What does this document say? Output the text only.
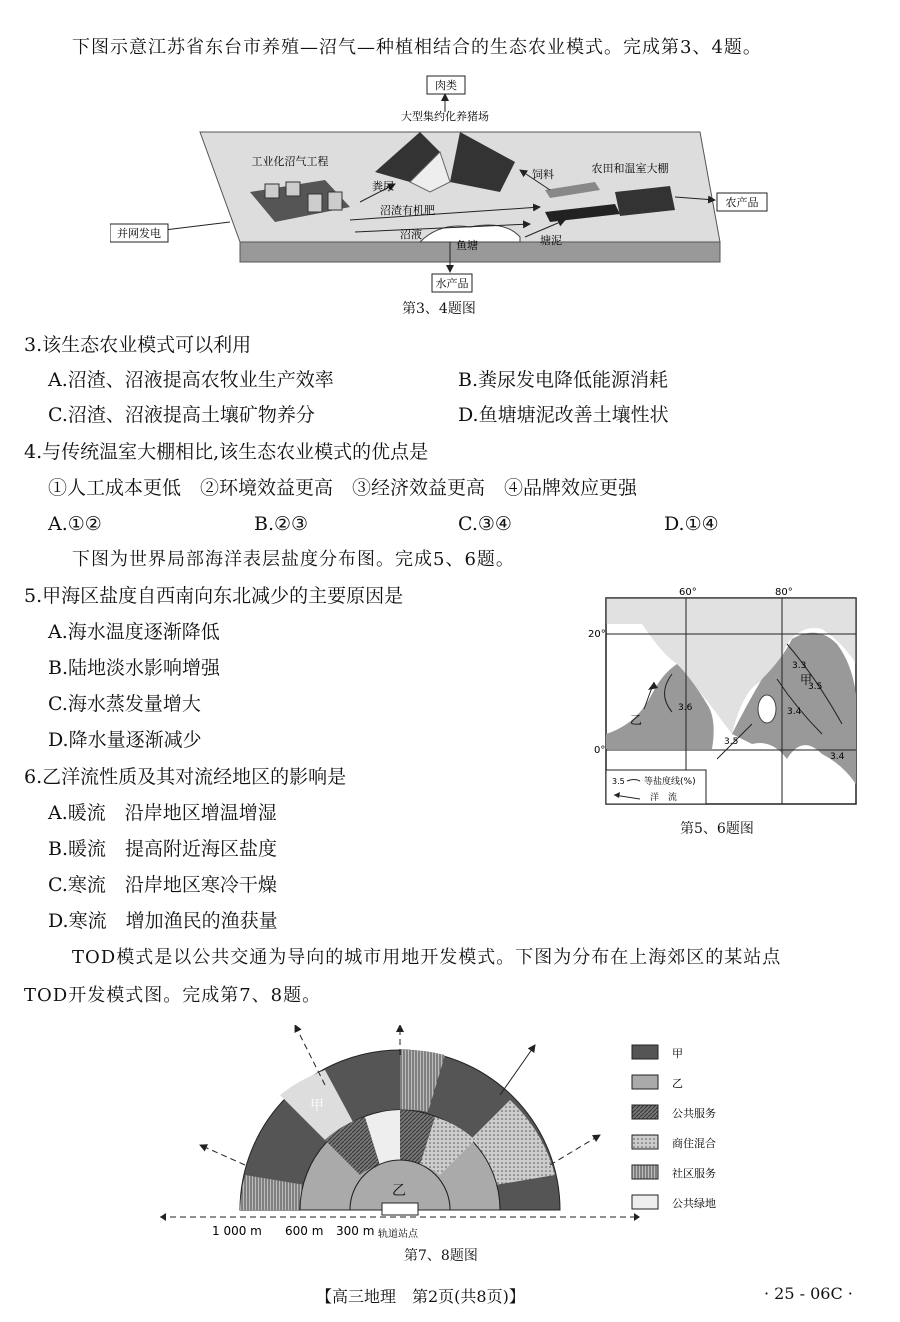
下图示意江苏省东台市养殖—沼气—种植相结合的生态农业模式。完成第3、4题。
肉类
并网发电
农产品
水产品
大型集约化养猪场
工业化沼气工程
农田和温室大棚
粪尿
饲料
沼渣有机肥
沼液
鱼塘	塘泥
第3、4题图
3.该生态农业模式可以利用
A.沼渣、沼液提高农牧业生产效率	B.粪尿发电降低能源消耗
C.沼渣、沼液提高土壤矿物养分	D.鱼塘塘泥改善土壤性状
4.与传统温室大棚相比,该生态农业模式的优点是
①人工成本更低　②环境效益更高　③经济效益更高　④品牌效应更强
A.①②	B.②③	C.③④	D.①④
下图为世界局部海洋表层盐度分布图。完成5、6题。
5.甲海区盐度自西南向东北减少的主要原因是
A.海水温度逐渐降低
B.陆地淡水影响增强
C.海水蒸发量增大
D.降水量逐渐减少
6.乙洋流性质及其对流经地区的影响是
A.暖流　沿岸地区增温增湿
B.暖流　提高附近海区盐度
C.寒流　沿岸地区寒冷干燥
D.寒流　增加渔民的渔获量
60°	80°
20°
0°
甲
乙
3.6
3.5
3.3
3.4
3.4
3.5
3.5 等盐度线(%)
洋　流
第5、6题图
TOD模式是以公共交通为导向的城市用地开发模式。下图为分布在上海郊区的某站点
TOD开发模式图。完成第7、8题。
甲
乙
1 000 m 600 m 300 m 轨道站点
甲
乙
公共服务
商住混合
社区服务
公共绿地
第7、8题图
【高三地理　第2页(共8页)】	· 25 - 06C ·
